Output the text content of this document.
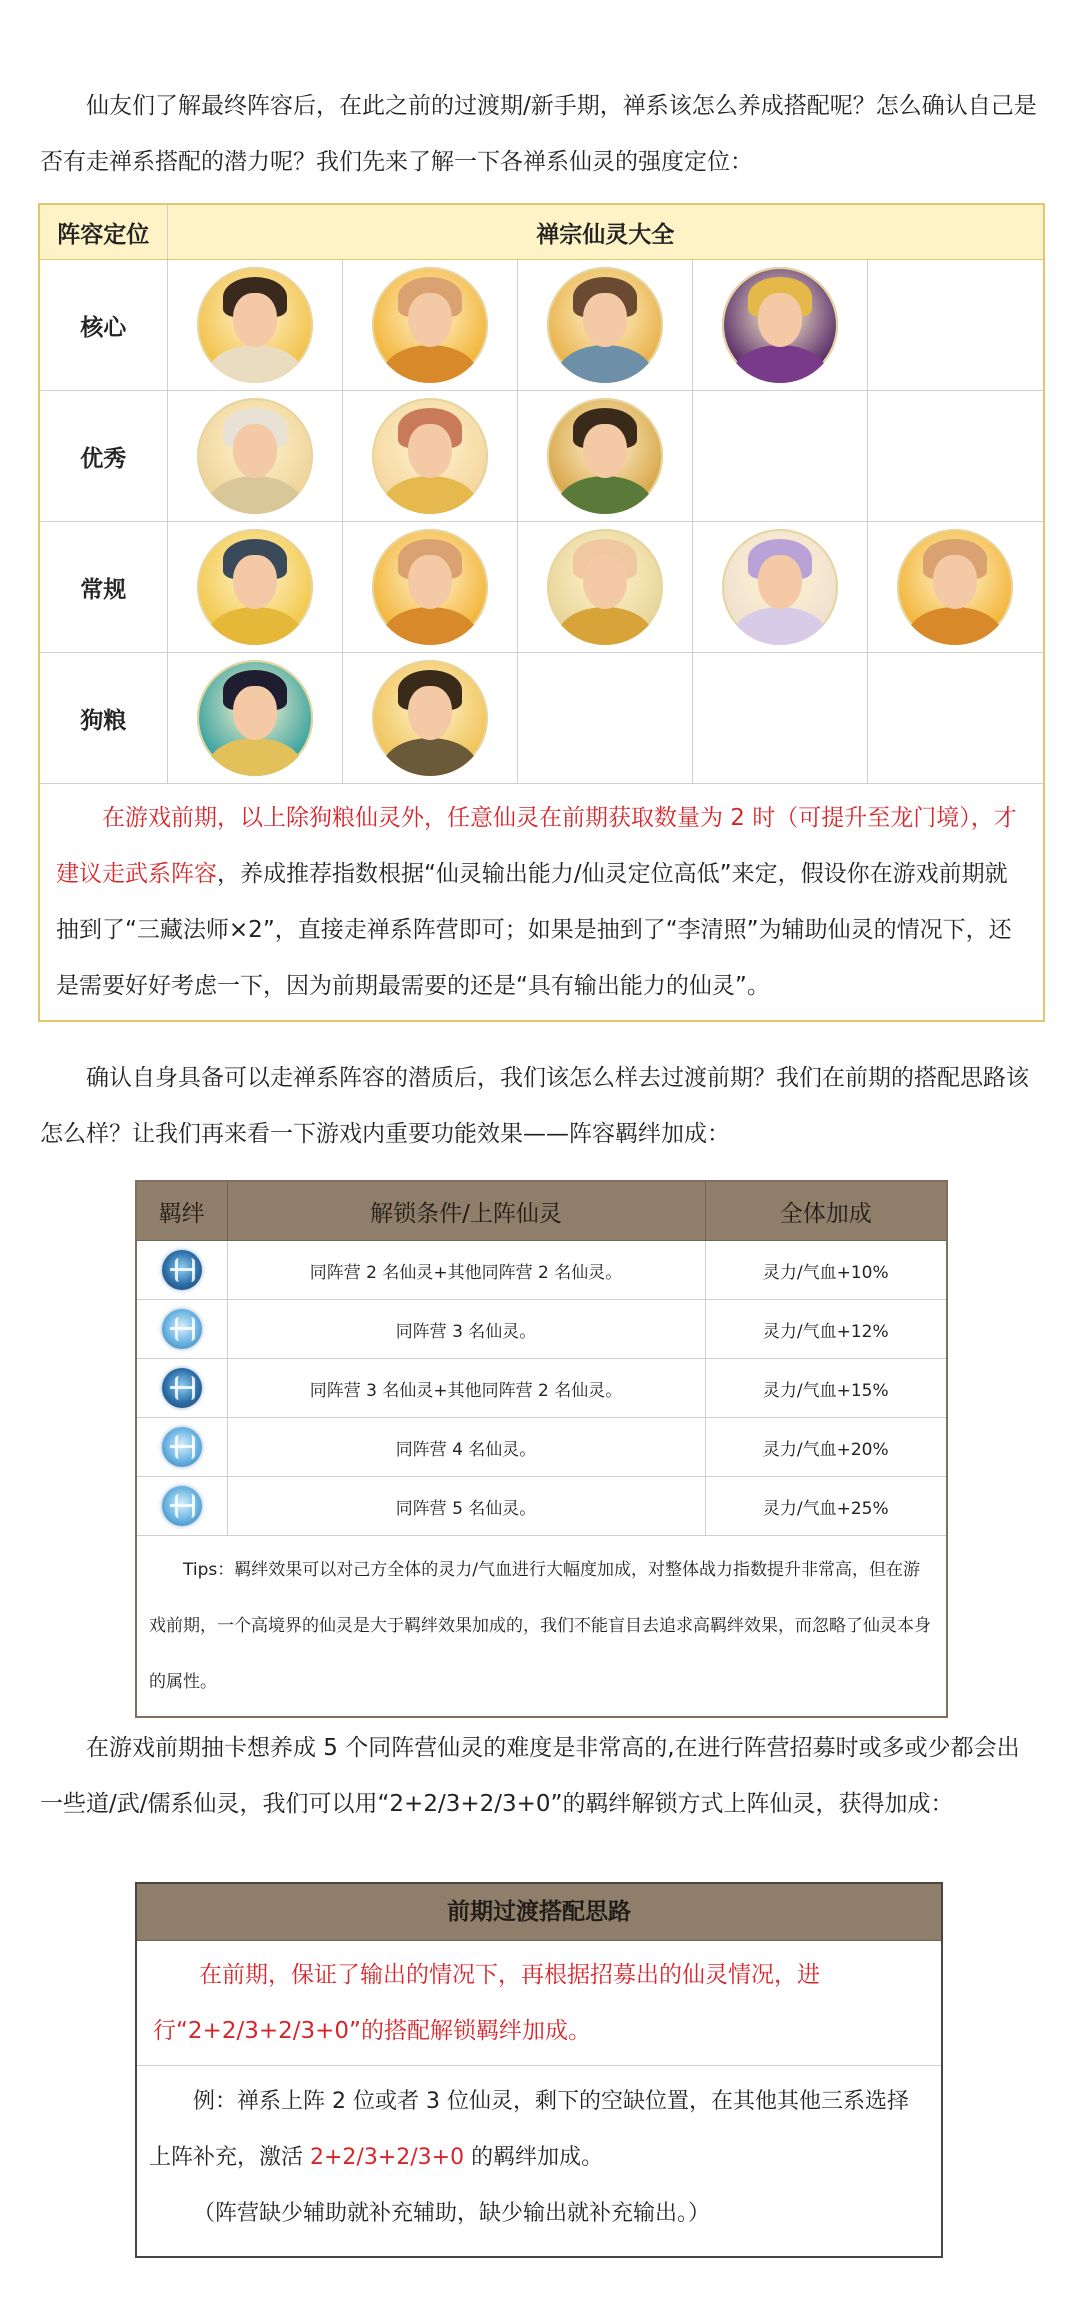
仙友们了解最终阵容后，在此之前的过渡期/新手期，禅系该怎么养成搭配呢？怎么确认自己是否有走禅系搭配的潜力呢？我们先来了解一下各禅系仙灵的强度定位：

阵容定位	禅宗仙灵大全				
核心	

优秀	

常规	

狗粮	

在游戏前期，以上除狗粮仙灵外，任意仙灵在前期获取数量为 2 时（可提升至龙门境），才建议走武系阵容，养成推荐指数根据“仙灵输出能力/仙灵定位高低”来定，假设你在游戏前期就抽到了“三藏法师×2”，直接走禅系阵营即可；如果是抽到了“李清照”为辅助仙灵的情况下，还是需要好好考虑一下，因为前期最需要的还是“具有输出能力的仙灵”。					

确认自身具备可以走禅系阵容的潜质后，我们该怎么样去过渡前期？我们在前期的搭配思路该怎么样？让我们再来看一下游戏内重要功能效果——阵容羁绊加成：

羁绊	解锁条件/上阵仙灵	全体加成
	同阵营 2 名仙灵+其他同阵营 2 名仙灵。	灵力/气血+10%
	同阵营 3 名仙灵。	灵力/气血+12%
	同阵营 3 名仙灵+其他同阵营 2 名仙灵。	灵力/气血+15%
	同阵营 4 名仙灵。	灵力/气血+20%
	同阵营 5 名仙灵。	灵力/气血+25%

Tips：羁绊效果可以对己方全体的灵力/气血进行大幅度加成，对整体战力指数提升非常高，但在游戏前期，一个高境界的仙灵是大于羁绊效果加成的，我们不能盲目去追求高羁绊效果，而忽略了仙灵本身的属性。		

在游戏前期抽卡想养成 5 个同阵营仙灵的难度是非常高的,在进行阵营招募时或多或少都会出一些道/武/儒系仙灵，我们可以用“2+2/3+2/3+0”的羁绊解锁方式上阵仙灵，获得加成：

前期过渡搭配思路

在前期，保证了输出的情况下，再根据招募出的仙灵情况，进行“2+2/3+2/3+0”的搭配解锁羁绊加成。

例：禅系上阵 2 位或者 3 位仙灵，剩下的空缺位置，在其他其他三系选择上阵补充，激活 2+2/3+2/3+0 的羁绊加成。

（阵营缺少辅助就补充辅助，缺少输出就补充输出。）
